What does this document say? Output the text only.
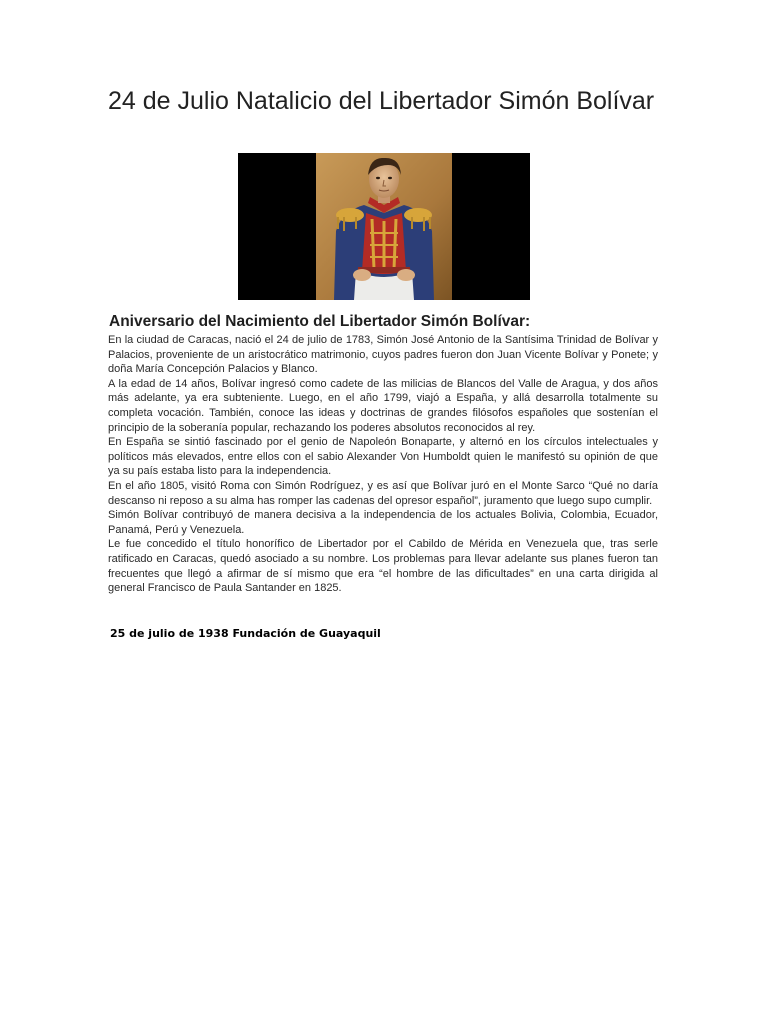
24 de Julio Natalicio del Libertador Simón Bolívar
Aniversario del Nacimiento del Libertador Simón Bolívar:

En la ciudad de Caracas, nació el 24 de julio de 1783, Simón José Antonio de la Santísima Trinidad de Bolívar y Palacios, proveniente de un aristocrático matrimonio, cuyos padres fueron don Juan Vicente Bolívar y Ponete; y doña María Concepción Palacios y Blanco.

A la edad de 14 años, Bolívar ingresó como cadete de las milicias de Blancos del Valle de Aragua, y dos años más adelante, ya era subteniente. Luego, en el año 1799, viajó a España, y allá desarrolla totalmente su completa vocación. También, conoce las ideas y doctrinas de grandes filósofos españoles que sostenían el principio de la soberanía popular, rechazando los poderes absolutos reconocidos al rey.

En España se sintió fascinado por el genio de Napoleón Bonaparte, y alternó en los círculos intelectuales y políticos más elevados, entre ellos con el sabio Alexander Von Humboldt quien le manifestó su opinión de que ya su país estaba listo para la independencia.

En el año 1805, visitó Roma con Simón Rodríguez, y es así que Bolívar juró en el Monte Sarco “Qué no daría descanso ni reposo a su alma has romper las cadenas del opresor español”, juramento que luego supo cumplir.

Simón Bolívar contribuyó de manera decisiva a la independencia de los actuales Bolivia, Colombia, Ecuador, Panamá, Perú y Venezuela.

Le fue concedido el título honorífico de Libertador por el Cabildo de Mérida en Venezuela que, tras serle ratificado en Caracas, quedó asociado a su nombre. Los problemas para llevar adelante sus planes fueron tan frecuentes que llegó a afirmar de sí mismo que era “el hombre de las dificultades” en una carta dirigida al general Francisco de Paula Santander en 1825.

25 de julio de 1938 Fundación de Guayaquil
